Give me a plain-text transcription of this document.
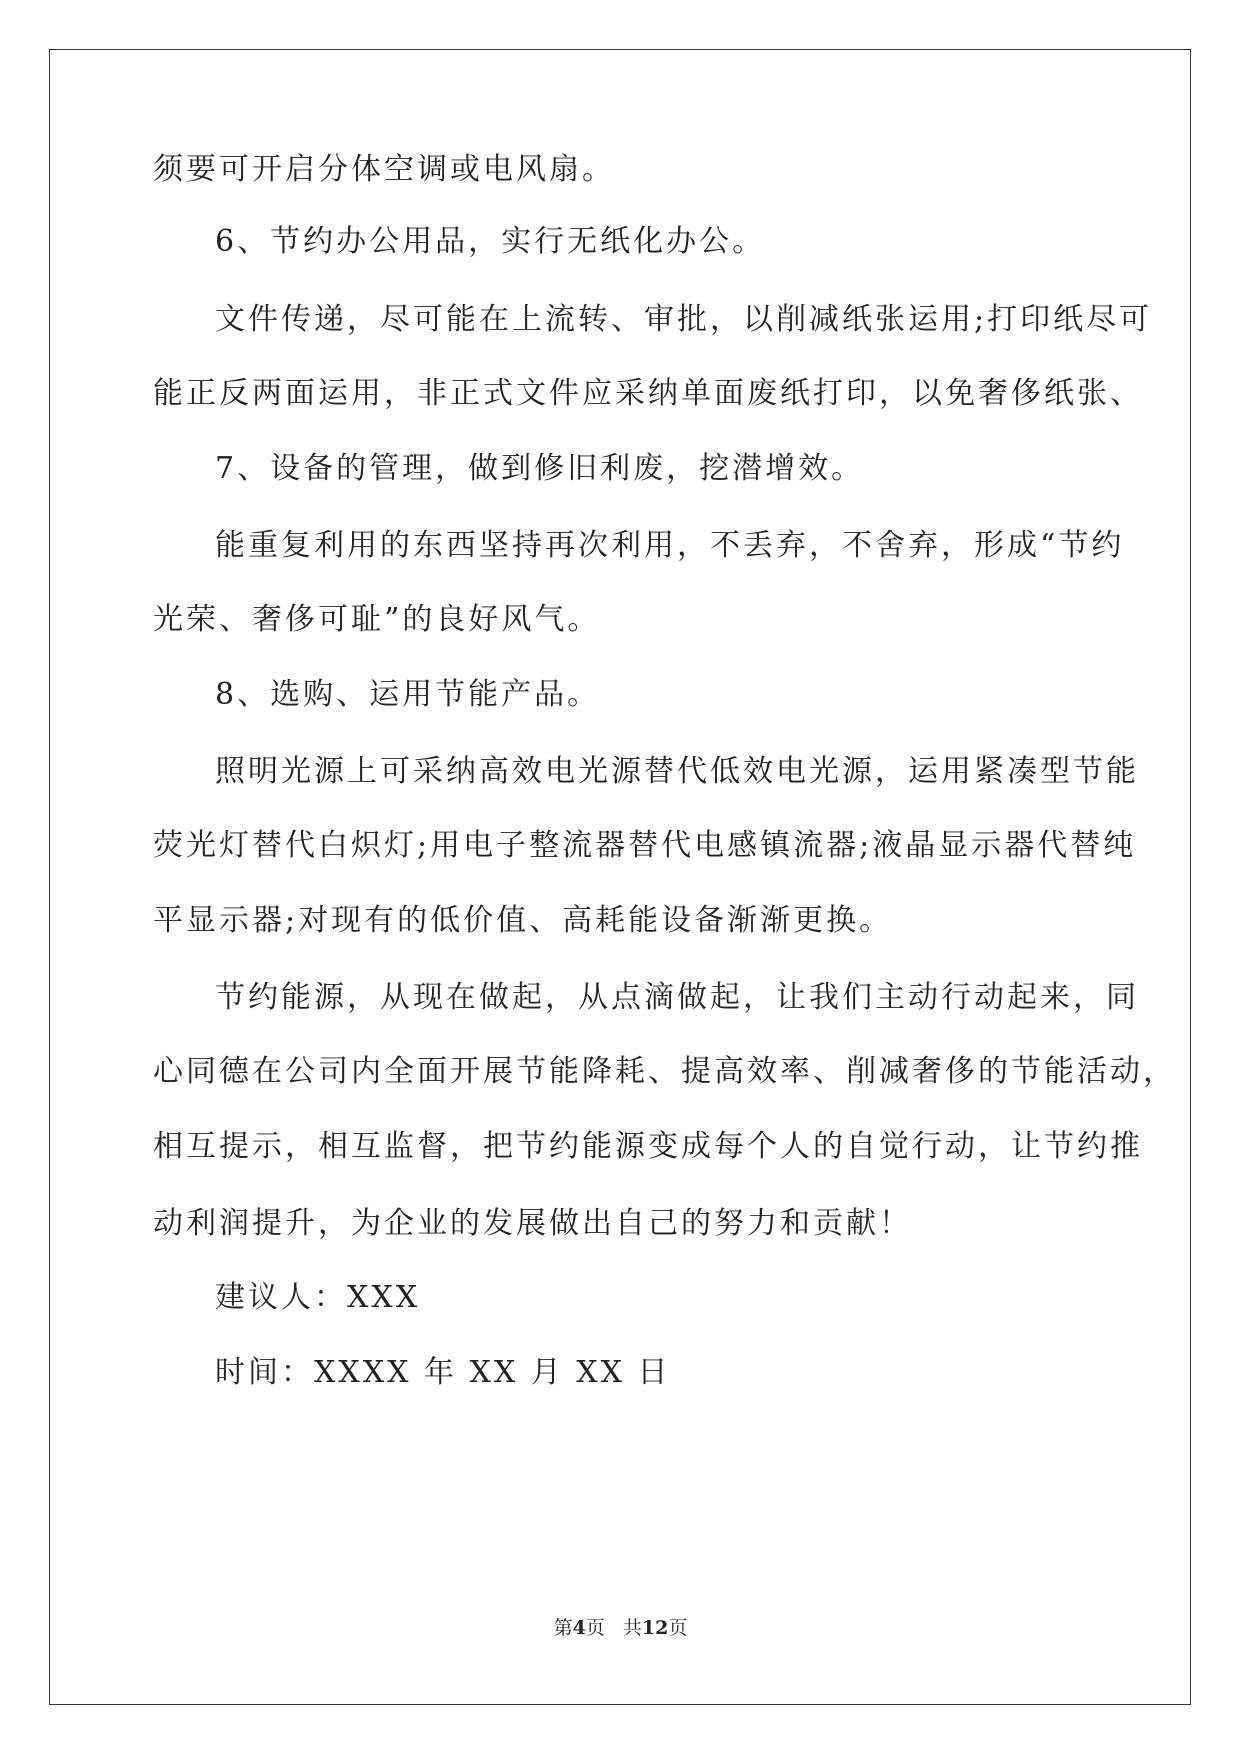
须要可开启分体空调或电风扇。
6、节约办公用品，实行无纸化办公。
文件传递，尽可能在上流转、审批，以削减纸张运用;打印纸尽可
能正反两面运用，非正式文件应采纳单面废纸打印，以免奢侈纸张、
7、设备的管理，做到修旧利废，挖潜增效。
能重复利用的东西坚持再次利用，不丢弃，不舍弃，形成“节约
光荣、奢侈可耻”的良好风气。
8、选购、运用节能产品。
照明光源上可采纳高效电光源替代低效电光源，运用紧凑型节能
荧光灯替代白炽灯;用电子整流器替代电感镇流器;液晶显示器代替纯
平显示器;对现有的低价值、高耗能设备渐渐更换。
节约能源，从现在做起，从点滴做起，让我们主动行动起来，同
心同德在公司内全面开展节能降耗、提高效率、削减奢侈的节能活动，
相互提示，相互监督，把节约能源变成每个人的自觉行动，让节约推
动利润提升，为企业的发展做出自己的努力和贡献！
建议人：XXX
时间：XXXX 年 XX 月 XX 日
第4页 共12页
